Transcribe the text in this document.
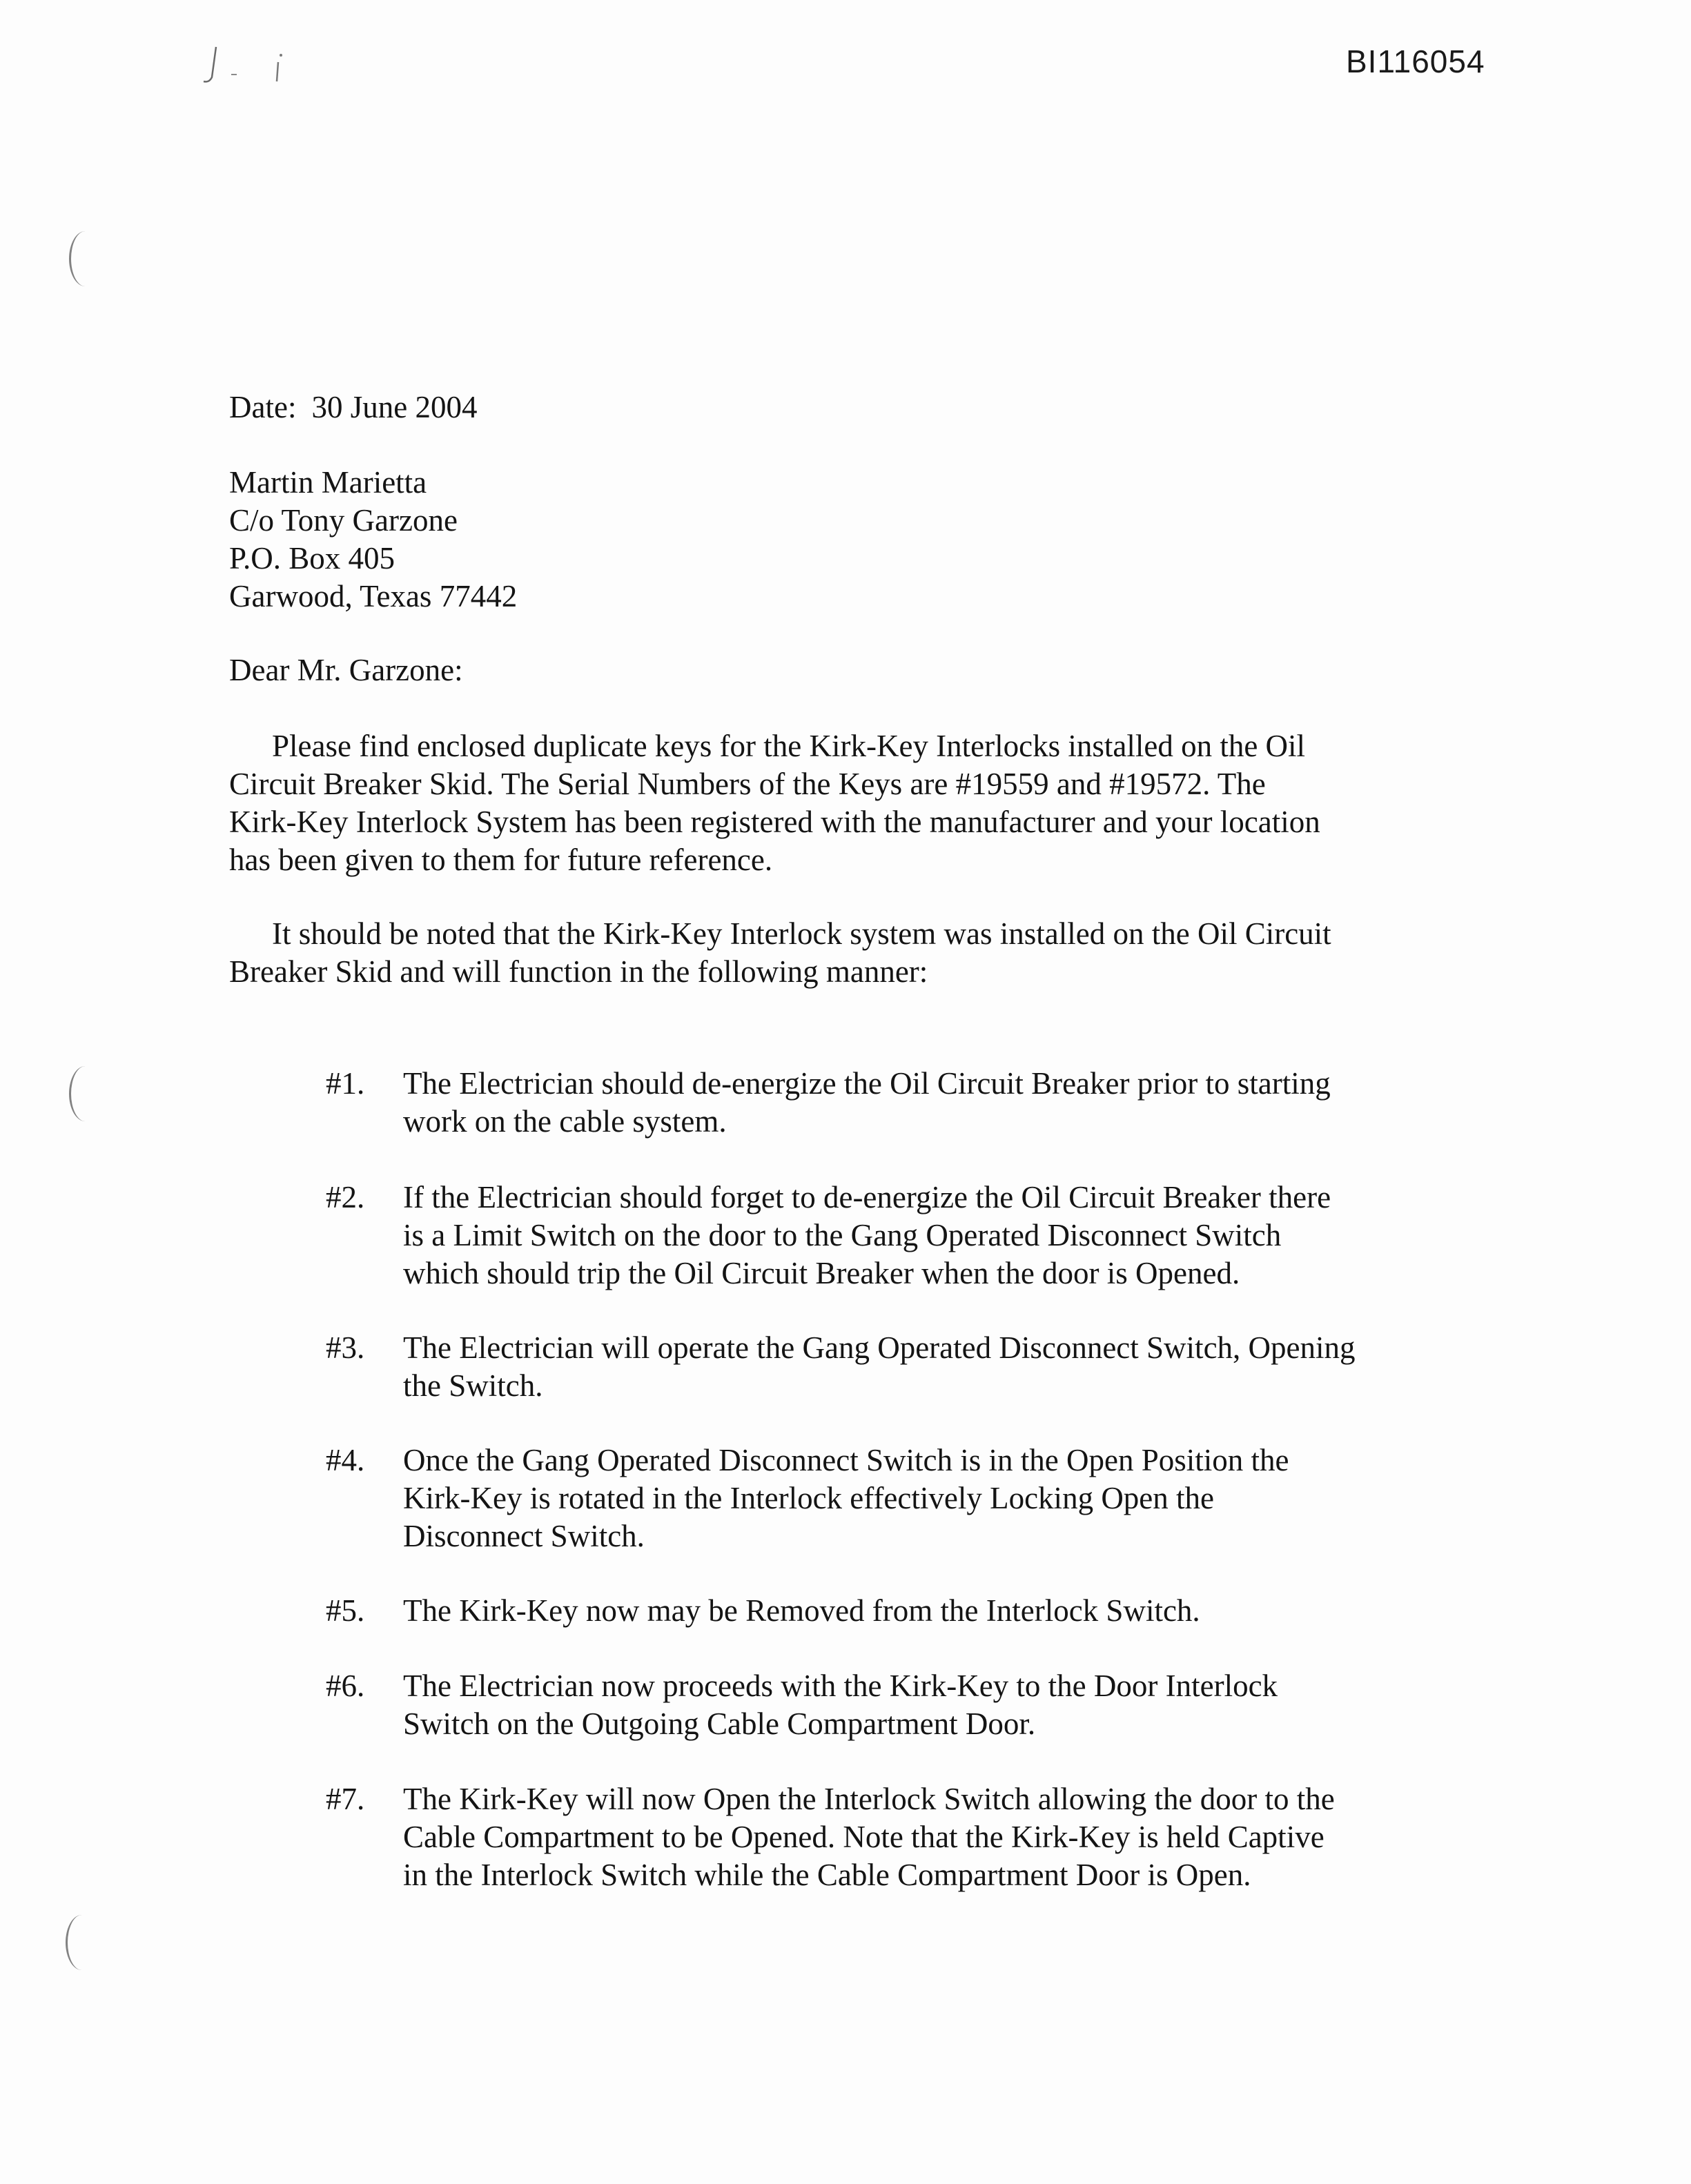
BI116054
Date: 30 June 2004
Martin Marietta
C/o Tony Garzone
P.O. Box 405
Garwood, Texas 77442
Dear Mr. Garzone:
Please find enclosed duplicate keys for the Kirk-Key Interlocks installed on the Oil
Circuit Breaker Skid. The Serial Numbers of the Keys are #19559 and #19572. The
Kirk-Key Interlock System has been registered with the manufacturer and your location
has been given to them for future reference.
It should be noted that the Kirk-Key Interlock system was installed on the Oil Circuit
Breaker Skid and will function in the following manner:
#1.	The Electrician should de-energize the Oil Circuit Breaker prior to starting
work on the cable system.
#2.	If the Electrician should forget to de-energize the Oil Circuit Breaker there
is a Limit Switch on the door to the Gang Operated Disconnect Switch
which should trip the Oil Circuit Breaker when the door is Opened.
#3.	The Electrician will operate the Gang Operated Disconnect Switch, Opening
the Switch.
#4.	Once the Gang Operated Disconnect Switch is in the Open Position the
Kirk-Key is rotated in the Interlock effectively Locking Open the
Disconnect Switch.
#5.	The Kirk-Key now may be Removed from the Interlock Switch.
#6.	The Electrician now proceeds with the Kirk-Key to the Door Interlock
Switch on the Outgoing Cable Compartment Door.
#7.	The Kirk-Key will now Open the Interlock Switch allowing the door to the
Cable Compartment to be Opened. Note that the Kirk-Key is held Captive
in the Interlock Switch while the Cable Compartment Door is Open.
